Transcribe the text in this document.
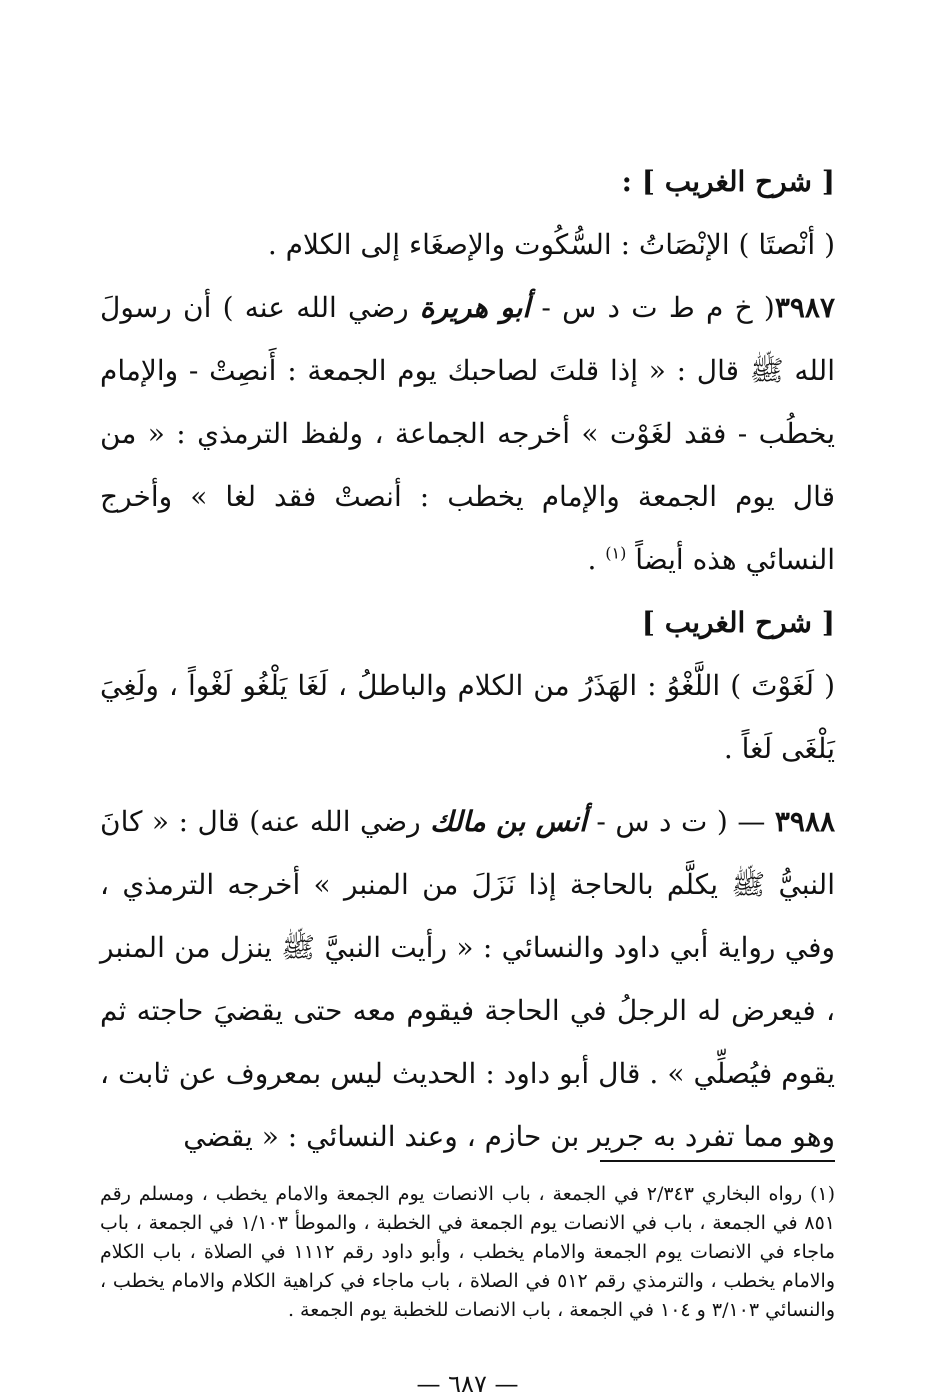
[ شرح الغريب ] :

( أنْصتَا ) الإنْصَاتُ : السُّكُوت والإصغَاء إلى الكلام .

٣٩٨٧( خ م ط ت د س - أبو هريرة رضي الله عنه ) أن رسولَ الله ﷺ قال : « إذا قلتَ لصاحبك يوم الجمعة : أَنصِتْ - والإمام يخطُب - فقد لغَوْت » أخرجه الجماعة ، ولفظ الترمذي : « من قال يوم الجمعة والإمام يخطب : أنصتْ فقد لغا » وأخرج النسائي هذه أيضاً $^{(١)}$ .

[ شرح الغريب ]

( لَغَوْتَ ) اللَّغْوُ : الهَذَرُ من الكلام والباطلُ ، لَغَا يَلْغُو لَغْواً ، ولَغِيَ يَلْغَى لَغاً .

٣٩٨٨ — ( ت د س - أنس بن مالك رضي الله عنه) قال : « كانَ النبيُّ ﷺ يكلَّم بالحاجة إذا نَزَلَ من المنبر » أخرجه الترمذي ، وفي رواية أبي داود والنسائي : « رأيت النبيَّ ﷺ ينزل من المنبر ، فيعرض له الرجلُ في الحاجة فيقوم معه حتى يقضيَ حاجته ثم يقوم فيُصلِّي » . قال أبو داود : الحديث ليس بمعروف عن ثابت ، وهو مما تفرد به جرير بن حازم ، وعند النسائي : « يقضي

(١) رواه البخاري ٢/٣٤٣ في الجمعة ، باب الانصات يوم الجمعة والامام يخطب ، ومسلم رقم ٨٥١ في الجمعة ، باب في الانصات يوم الجمعة في الخطبة ، والموطأ ١/١٠٣ في الجمعة ، باب ماجاء في الانصات يوم الجمعة والامام يخطب ، وأبو داود رقم ١١١٢ في الصلاة ، باب الكلام والامام يخطب ، والترمذي رقم ٥١٢ في الصلاة ، باب ماجاء في كراهية الكلام والامام يخطب ، والنسائي ٣/١٠٣ و ١٠٤ في الجمعة ، باب الانصات للخطبة يوم الجمعة .
— ٦٨٧ —
